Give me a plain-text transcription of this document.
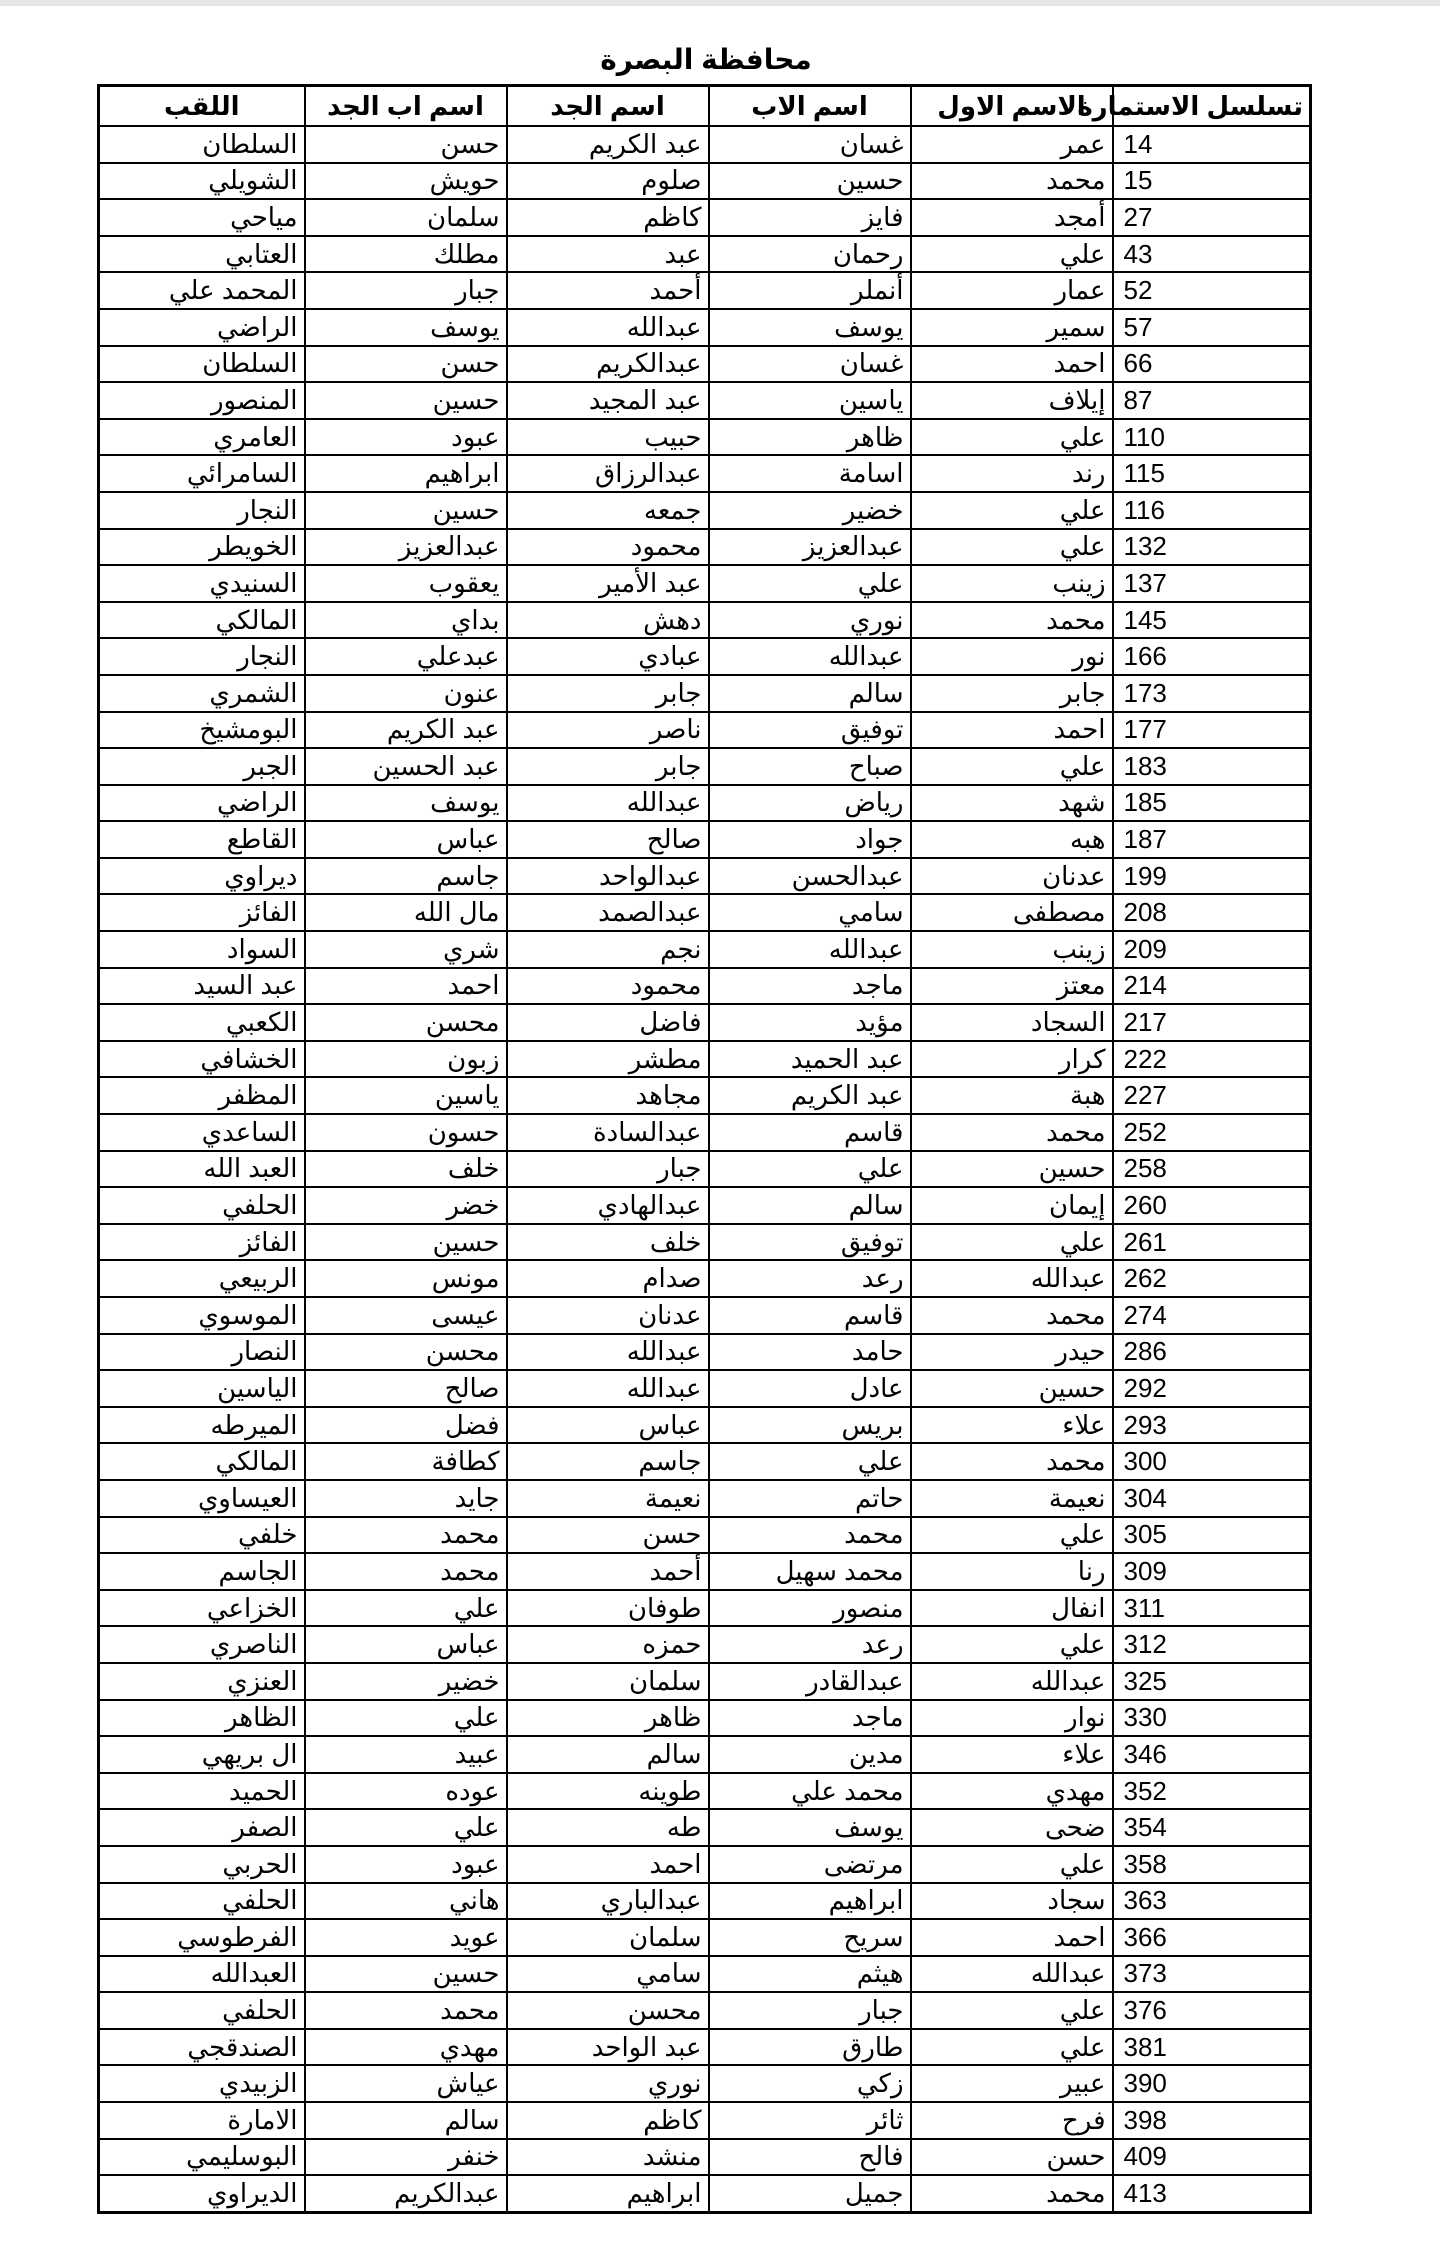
محافظة البصرة
تسلسل الاستمارة	الاسم الاول	اسم الاب	اسم الجد	اسم اب الجد	اللقب
14	عمر	غسان	عبد الكريم	حسن	السلطان
15	محمد	حسين	صلوم	حويش	الشويلي
27	أمجد	فايز	كاظم	سلمان	مياحي
43	علي	رحمان	عبد	مطلك	العتابي
52	عمار	أنملر	أحمد	جبار	المحمد علي
57	سمير	يوسف	عبدالله	يوسف	الراضي
66	احمد	غسان	عبدالكريم	حسن	السلطان
87	إيلاف	ياسين	عبد المجيد	حسين	المنصور
110	علي	ظاهر	حبيب	عبود	العامري
115	رند	اسامة	عبدالرزاق	ابراهيم	السامرائي
116	علي	خضير	جمعه	حسين	النجار
132	علي	عبدالعزيز	محمود	عبدالعزيز	الخويطر
137	زينب	علي	عبد الأمير	يعقوب	السنيدي
145	محمد	نوري	دهش	بداي	المالكي
166	نور	عبدالله	عبادي	عبدعلي	النجار
173	جابر	سالم	جابر	عنون	الشمري
177	احمد	توفيق	ناصر	عبد الكريم	البومشيخ
183	علي	صباح	جابر	عبد الحسين	الجبر
185	شهد	رياض	عبدالله	يوسف	الراضي
187	هبه	جواد	صالح	عباس	القاطع
199	عدنان	عبدالحسن	عبدالواحد	جاسم	ديراوي
208	مصطفى	سامي	عبدالصمد	مال الله	الفائز
209	زينب	عبدالله	نجم	شري	السواد
214	معتز	ماجد	محمود	احمد	عبد السيد
217	السجاد	مؤيد	فاضل	محسن	الكعبي
222	كرار	عبد الحميد	مطشر	زبون	الخشافي
227	هبة	عبد الكريم	مجاهد	ياسين	المظفر
252	محمد	قاسم	عبدالسادة	حسون	الساعدي
258	حسين	علي	جبار	خلف	العبد الله
260	إيمان	سالم	عبدالهادي	خضر	الحلفي
261	علي	توفيق	خلف	حسين	الفائز
262	عبدالله	رعد	صدام	مونس	الربيعي
274	محمد	قاسم	عدنان	عيسى	الموسوي
286	حيدر	حامد	عبدالله	محسن	النصار
292	حسين	عادل	عبدالله	صالح	الياسين
293	علاء	بريس	عباس	فضل	الميرطه
300	محمد	علي	جاسم	كطافة	المالكي
304	نعيمة	حاتم	نعيمة	جايد	العيساوي
305	علي	محمد	حسن	محمد	خلفي
309	رنا	محمد سهيل	أحمد	محمد	الجاسم
311	انفال	منصور	طوفان	علي	الخزاعي
312	علي	رعد	حمزه	عباس	الناصري
325	عبدالله	عبدالقادر	سلمان	خضير	العنزي
330	نوار	ماجد	ظاهر	علي	الظاهر
346	علاء	مدين	سالم	عبيد	ال بريهي
352	مهدي	محمد علي	طوينه	عوده	الحميد
354	ضحى	يوسف	طه	علي	الصفر
358	علي	مرتضى	احمد	عبود	الحربي
363	سجاد	ابراهيم	عبدالباري	هاني	الحلفي
366	احمد	سريح	سلمان	عويد	الفرطوسي
373	عبدالله	هيثم	سامي	حسين	العبدالله
376	علي	جبار	محسن	محمد	الحلفي
381	علي	طارق	عبد الواحد	مهدي	الصندقجي
390	عبير	زكي	نوري	عياش	الزبيدي
398	فرح	ثائر	كاظم	سالم	الامارة
409	حسن	فالح	منشد	خنفر	البوسليمي
413	محمد	جميل	ابراهيم	عبدالكريم	الديراوي
